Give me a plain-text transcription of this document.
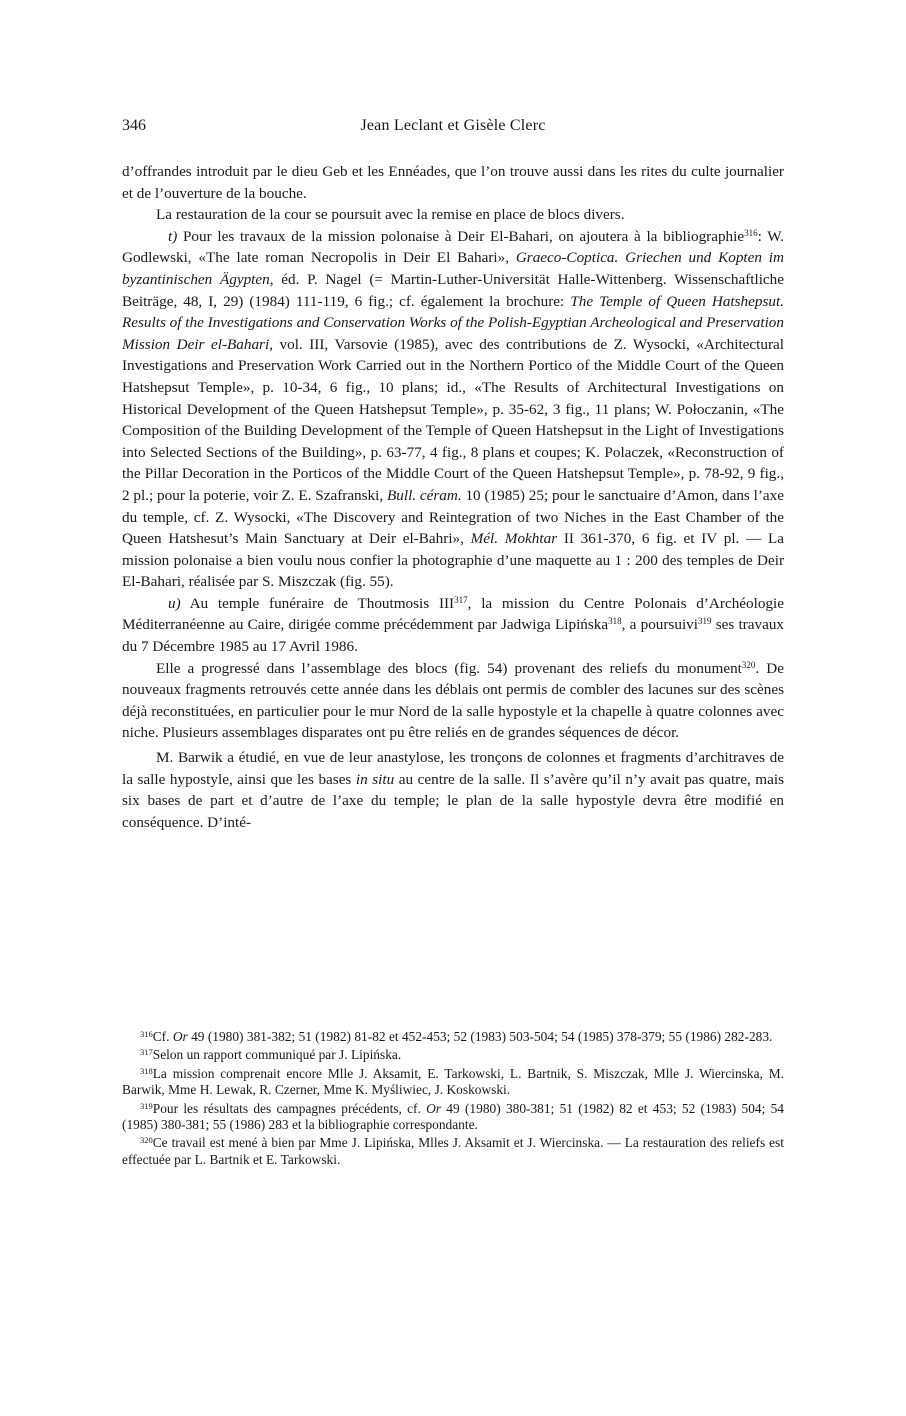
346	Jean Leclant et Gisèle Clerc

d’offrandes introduit par le dieu Geb et les Ennéades, que l’on trouve aussi dans les rites du culte journalier et de l’ouverture de la bouche.

La restauration de la cour se poursuit avec la remise en place de blocs divers.

t) Pour les travaux de la mission polonaise à Deir El-Bahari, on ajoutera à la bibliographie$^{316}$: W. Godlewski, «The late roman Necropolis in Deir El Bahari», Graeco-Coptica. Griechen und Kopten im byzantinischen Ägypten, éd. P. Nagel (= Martin-Luther-Universität Halle-Wittenberg. Wissenschaftliche Beiträge, 48, I, 29) (1984) 111-119, 6 fig.; cf. également la brochure: The Temple of Queen Hatshepsut. Results of the Investigations and Conservation Works of the Polish-Egyptian Archeological and Preservation Mission Deir el-Bahari, vol. III, Varsovie (1985), avec des contributions de Z. Wysocki, «Architectural Investigations and Preservation Work Carried out in the Northern Portico of the Middle Court of the Queen Hatshepsut Temple», p. 10-34, 6 fig., 10 plans; id., «The Results of Architectural Investigations on Historical Development of the Queen Hatshepsut Temple», p. 35-62, 3 fig., 11 plans; W. Połoczanin, «The Composition of the Building Development of the Temple of Queen Hatshepsut in the Light of Investigations into Selected Sections of the Building», p. 63-77, 4 fig., 8 plans et coupes; K. Polaczek, «Reconstruction of the Pillar Decoration in the Porticos of the Middle Court of the Queen Hatshepsut Temple», p. 78-92, 9 fig., 2 pl.; pour la poterie, voir Z. E. Szafranski, Bull. céram. 10 (1985) 25; pour le sanctuaire d’Amon, dans l’axe du temple, cf. Z. Wysocki, «The Discovery and Reintegration of two Niches in the East Chamber of the Queen Hatshesut’s Main Sanctuary at Deir el-Bahri», Mél. Mokhtar II 361-370, 6 fig. et IV pl. — La mission polonaise a bien voulu nous confier la photographie d’une maquette au 1 : 200 des temples de Deir El-Bahari, réalisée par S. Miszczak (fig. 55).

u) Au temple funéraire de Thoutmosis III$^{317}$, la mission du Centre Polonais d’Archéologie Méditerranéenne au Caire, dirigée comme précédemment par Jadwiga Lipińska$^{318}$, a poursuivi$^{319}$ ses travaux du 7 Décembre 1985 au 17 Avril 1986.

Elle a progressé dans l’assemblage des blocs (fig. 54) provenant des reliefs du monument$^{320}$. De nouveaux fragments retrouvés cette année dans les déblais ont permis de combler des lacunes sur des scènes déjà reconstituées, en particulier pour le mur Nord de la salle hypostyle et la chapelle à quatre colonnes avec niche. Plusieurs assemblages disparates ont pu être reliés en de grandes séquences de décor.

M. Barwik a étudié, en vue de leur anastylose, les tronçons de colonnes et fragments d’architraves de la salle hypostyle, ainsi que les bases in situ au centre de la salle. Il s’avère qu’il n’y avait pas quatre, mais six bases de part et d’autre de l’axe du temple; le plan de la salle hypostyle devra être modifié en conséquence. D’inté-

$^{316}$Cf. Or 49 (1980) 381-382; 51 (1982) 81-82 et 452-453; 52 (1983) 503-504; 54 (1985) 378-379; 55 (1986) 282-283.

$^{317}$Selon un rapport communiqué par J. Lipińska.

$^{318}$La mission comprenait encore Mlle J. Aksamit, E. Tarkowski, L. Bartnik, S. Miszczak, Mlle J. Wiercinska, M. Barwik, Mme H. Lewak, R. Czerner, Mme K. Myśliwiec, J. Koskowski.

$^{319}$Pour les résultats des campagnes précédents, cf. Or 49 (1980) 380-381; 51 (1982) 82 et 453; 52 (1983) 504; 54 (1985) 380-381; 55 (1986) 283 et la bibliographie correspondante.

$^{320}$Ce travail est mené à bien par Mme J. Lipińska, Mlles J. Aksamit et J. Wiercinska. — La restauration des reliefs est effectuée par L. Bartnik et E. Tarkowski.
